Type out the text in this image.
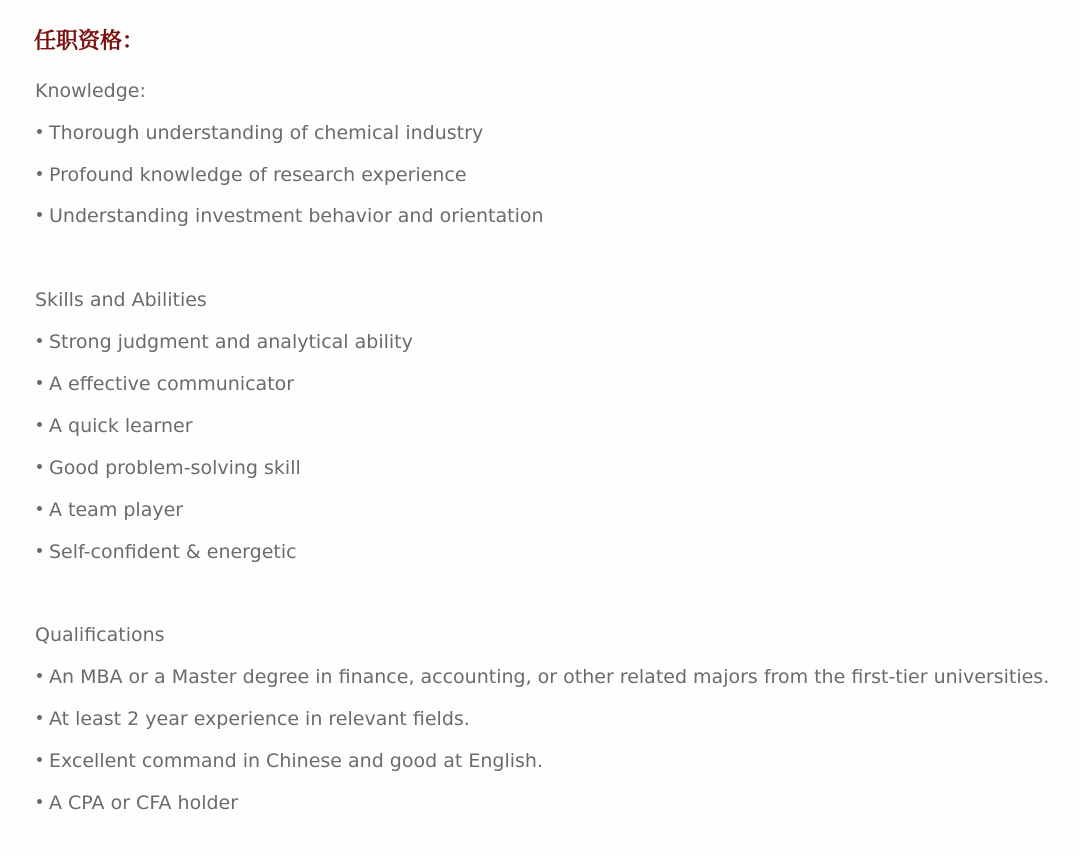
任职资格：
Knowledge:
Thorough understanding of chemical industry
Profound knowledge of research experience
Understanding investment behavior and orientation
Skills and Abilities
Strong judgment and analytical ability
A effective communicator
A quick learner
Good problem-solving skill
A team player
Self-confident & energetic
Qualifications
An MBA or a Master degree in finance, accounting, or other related majors from the first-tier universities.
At least 2 year experience in relevant fields.
Excellent command in Chinese and good at English.
A CPA or CFA holder
